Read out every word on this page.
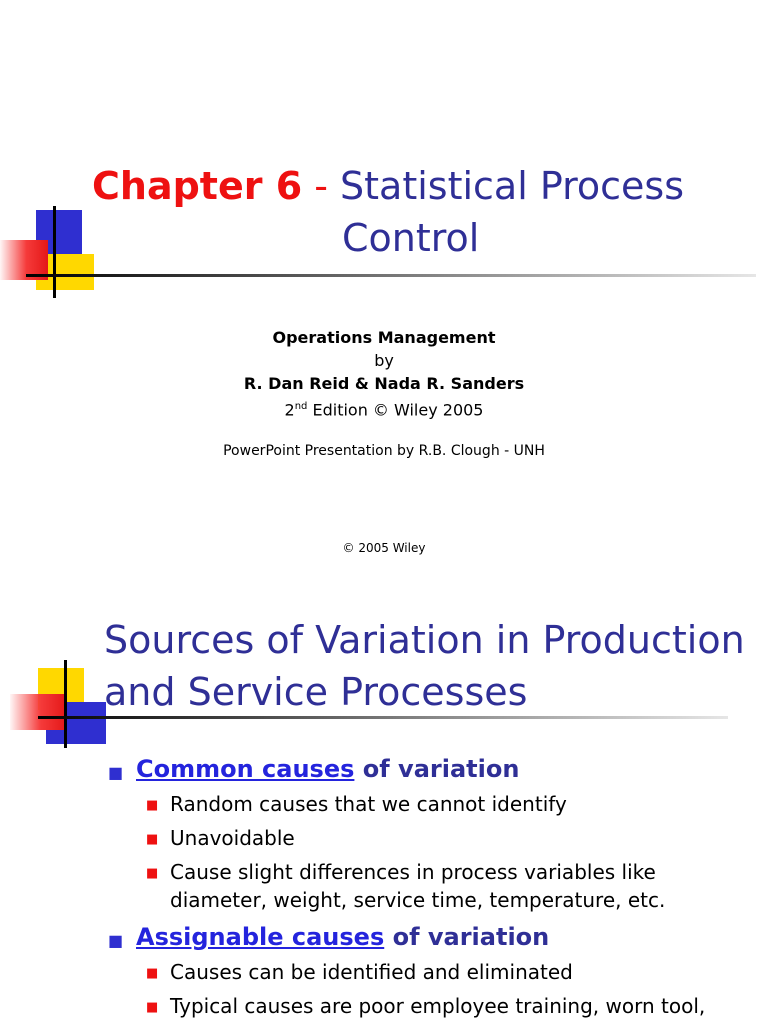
Chapter 6 - Statistical Process
Control
Operations Management
by
R. Dan Reid & Nada R. Sanders
2nd Edition © Wiley 2005
PowerPoint Presentation by R.B. Clough - UNH
© 2005 Wiley
Sources of Variation in Production
and Service Processes
■ Common causes of variation
■ Random causes that we cannot identify
■ Unavoidable
■ Cause slight differences in process variables like diameter, weight, service time, temperature, etc.
■ Assignable causes of variation
■ Causes can be identified and eliminated
■ Typical causes are poor employee training, worn tool,
